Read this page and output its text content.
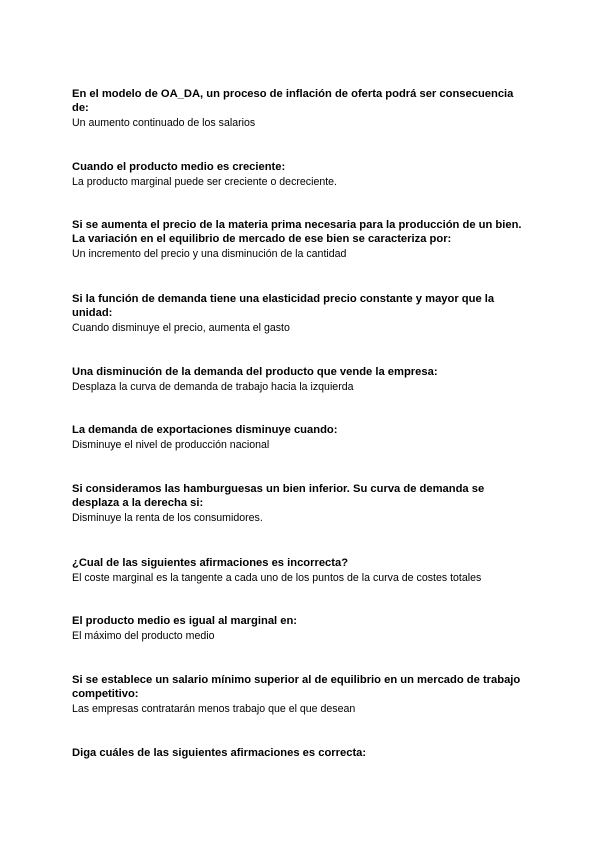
En el modelo de OA_DA, un proceso de inflación de oferta podrá ser consecuencia de:

Un aumento continuado de los salarios

Cuando el producto medio es creciente:

La producto marginal puede ser creciente o decreciente.

Si se aumenta el precio de la materia prima necesaria para la producción de un bien. La variación en el equilibrio de mercado de ese bien se caracteriza por:

Un incremento del precio y una disminución de la cantidad

Si la función de demanda tiene una elasticidad precio constante y mayor que la unidad:

Cuando disminuye el precio, aumenta el gasto

Una disminución de la demanda del producto que vende la empresa:

Desplaza la curva de demanda de trabajo hacia la izquierda

La demanda de exportaciones disminuye cuando:

Disminuye el nivel de producción nacional

Si consideramos las hamburguesas un bien inferior. Su curva de demanda se desplaza a la derecha si:

Disminuye la renta de los consumidores.

¿Cual de las siguientes afirmaciones es incorrecta?

El coste marginal es la tangente a cada uno de los puntos de la curva de costes totales

El producto medio es igual al marginal en:

El máximo del producto medio

Si se establece un salario mínimo superior al de equilibrio en un mercado de trabajo competitivo:

Las empresas contratarán menos trabajo que el que desean

Diga cuáles de las siguientes afirmaciones es correcta:
